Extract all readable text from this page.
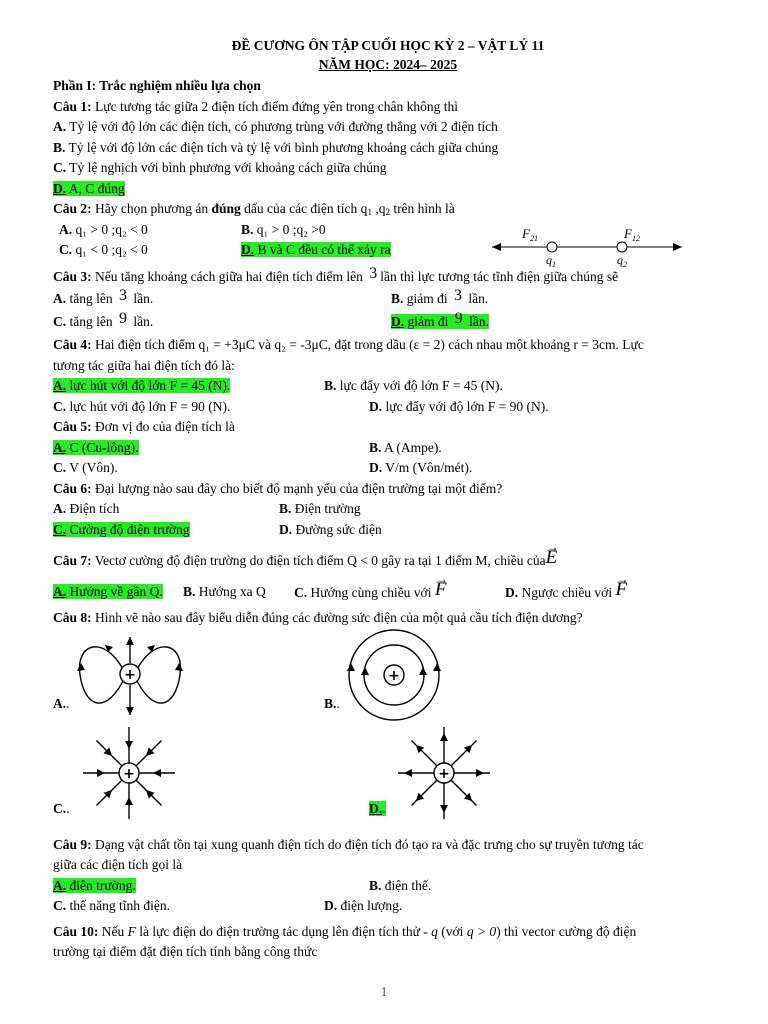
ĐỀ CƯƠNG ÔN TẬP CUỐI HỌC KỲ 2 – VẬT LÝ 11
NĂM HỌC: 2024– 2025
Phần I: Trắc nghiệm nhiều lựa chọn
Câu 1: Lực tương tác giữa 2 điện tích điểm đứng yên trong chân không thì
A. Tỷ lệ với độ lớn các điện tích, có phương trùng với đường thẳng với 2 điện tích
B. Tỷ lệ với độ lớn các điện tích và tỷ lệ với bình phương khoảng cách giữa chúng
C. Tỷ lệ nghịch với bình phương với khoảng cách giữa chúng
D. A, C đúng
Câu 2: Hãy chọn phương án đúng dấu của các điện tích $q_1$ $,q_2$ trên hình là
A. q₁ > 0 ;q₂ < 0	B. q₁ > 0 ;q₂ >0
C. q₁ < 0 ;q₂ < 0	D. B và C đều có thể xảy ra
$F_{21}$	$F_{12}$
$q_1$	$q_2$
Câu 3: Nếu tăng khoảng cách giữa hai điện tích điểm lên 3 lần thì lực tương tác tĩnh điện giữa chúng sẽ
A. tăng lên 3 lần.	B. giảm đi 3 lần.
C. tăng lên 9 lần.	D. giảm đi 9 lần.
Câu 4: Hai điện tích điểm q₁ = +3μC và q₂ = -3μC, đặt trong dầu (ε = 2) cách nhau một khoảng r = 3cm. Lực
tương tác giữa hai điện tích đó là:
A. lực hút với độ lớn F = 45 (N).	B. lực đẩy với độ lớn F = 45 (N).
C. lực hút với độ lớn F = 90 (N).	D. lực đẩy với độ lớn F = 90 (N).
Câu 5: Đơn vị đo của điện tích là
A. C (Cu-lông).	B. A (Ampe).
C. V (Vôn).	D. V/m (Vôn/mét).
Câu 6: Đại lượng nào sau đây cho biết độ mạnh yếu của điện trường tại một điểm?
A. Điện tích	B. Điện trường
C. Cường độ điện trường	D. Đường sức điện
Câu 7: Vectơ cường độ điện trường do điện tích điểm Q < 0 gây ra tại 1 điểm M, chiều của→ E
A. Hướng về gần Q. B. Hướng xa Q C. Hướng cùng chiều với → F	D. Ngược chiều với → F
Câu 8: Hình vẽ nào sau đây biểu diễn đúng các đường sức điện của một quả cầu tích điện dương?
+
A..
+
B..
+
C..
+
D..
Câu 9: Dạng vật chất tồn tại xung quanh điện tích do điện tích đó tạo ra và đặc trưng cho sự truyền tương tác
giữa các điện tích gọi là
A. điện trường.	B. điện thế.
C. thế năng tĩnh điện.	D. điện lượng.
Câu 10: Nếu F là lực điện do điện trường tác dụng lên điện tích thử - q (với q > 0) thì vector cường độ điện
trường tại điểm đặt điện tích tính bằng công thức
1
